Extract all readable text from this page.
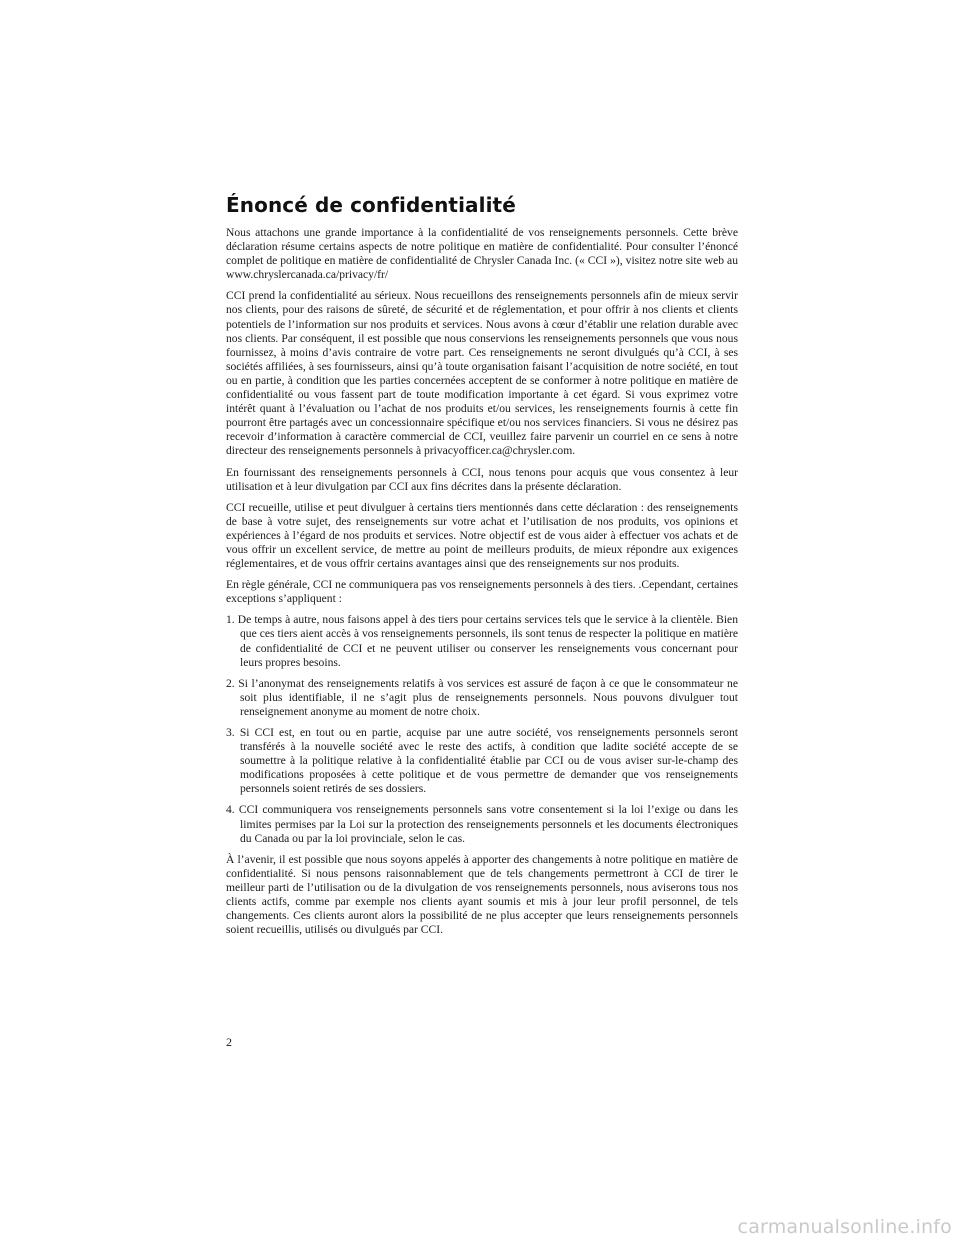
Énoncé de confidentialité

Nous attachons une grande importance à la confidentialité de vos renseignements personnels. Cette brève déclaration résume certains aspects de notre politique en matière de confidentialité. Pour consulter l’énoncé complet de politique en matière de confidentialité de Chrysler Canada Inc. (« CCI »), visitez notre site web au www.chryslercanada.ca/privacy/fr/

CCI prend la confidentialité au sérieux. Nous recueillons des renseignements personnels afin de mieux servir nos clients, pour des raisons de sûreté, de sécurité et de réglementation, et pour offrir à nos clients et clients potentiels de l’information sur nos produits et services. Nous avons à cœur d’établir une relation durable avec nos clients. Par conséquent, il est possible que nous conservions les renseignements personnels que vous nous fournissez, à moins d’avis contraire de votre part. Ces renseignements ne seront divulgués qu’à CCI, à ses sociétés affiliées, à ses fournisseurs, ainsi qu’à toute organisation faisant l’acquisition de notre société, en tout ou en partie, à condition que les parties concernées acceptent de se conformer à notre politique en matière de confidentialité ou vous fassent part de toute modification importante à cet égard. Si vous exprimez votre intérêt quant à l’évaluation ou l’achat de nos produits et/ou services, les renseignements fournis à cette fin pourront être partagés avec un concessionnaire spécifique et/ou nos services financiers. Si vous ne désirez pas recevoir d’information à caractère commercial de CCI, veuillez faire parvenir un courriel en ce sens à notre directeur des renseignements personnels à privacyofficer.ca@chrysler.com.

En fournissant des renseignements personnels à CCI, nous tenons pour acquis que vous consentez à leur utilisation et à leur divulgation par CCI aux fins décrites dans la présente déclaration.

CCI recueille, utilise et peut divulguer à certains tiers mentionnés dans cette déclaration : des renseignements de base à votre sujet, des renseignements sur votre achat et l’utilisation de nos produits, vos opinions et expériences à l’égard de nos produits et services. Notre objectif est de vous aider à effectuer vos achats et de vous offrir un excellent service, de mettre au point de meilleurs produits, de mieux répondre aux exigences réglementaires, et de vous offrir certains avantages ainsi que des renseignements sur nos produits.

En règle générale, CCI ne communiquera pas vos renseignements personnels à des tiers. .Cependant, certaines exceptions s’appliquent :

1. De temps à autre, nous faisons appel à des tiers pour certains services tels que le service à la clientèle. Bien que ces tiers aient accès à vos renseignements personnels, ils sont tenus de respecter la politique en matière de confidentialité de CCI et ne peuvent utiliser ou conserver les renseignements vous concernant pour leurs propres besoins.
2. Si l’anonymat des renseignements relatifs à vos services est assuré de façon à ce que le consommateur ne soit plus identifiable, il ne s’agit plus de renseignements personnels. Nous pouvons divulguer tout renseignement anonyme au moment de notre choix.
3. Si CCI est, en tout ou en partie, acquise par une autre société, vos renseignements personnels seront transférés à la nouvelle société avec le reste des actifs, à condition que ladite société accepte de se soumettre à la politique relative à la confidentialité établie par CCI ou de vous aviser sur-le-champ des modifications proposées à cette politique et de vous permettre de demander que vos renseignements personnels soient retirés de ses dossiers.
4. CCI communiquera vos renseignements personnels sans votre consentement si la loi l’exige ou dans les limites permises par la Loi sur la protection des renseignements personnels et les documents électroniques du Canada ou par la loi provinciale, selon le cas.

À l’avenir, il est possible que nous soyons appelés à apporter des changements à notre politique en matière de confidentialité. Si nous pensons raisonnablement que de tels changements permettront à CCI de tirer le meilleur parti de l’utilisation ou de la divulgation de vos renseignements personnels, nous aviserons tous nos clients actifs, comme par exemple nos clients ayant soumis et mis à jour leur profil personnel, de tels changements. Ces clients auront alors la possibilité de ne plus accepter que leurs renseignements personnels soient recueillis, utilisés ou divulgués par CCI.

2
carmanualsonline.info
